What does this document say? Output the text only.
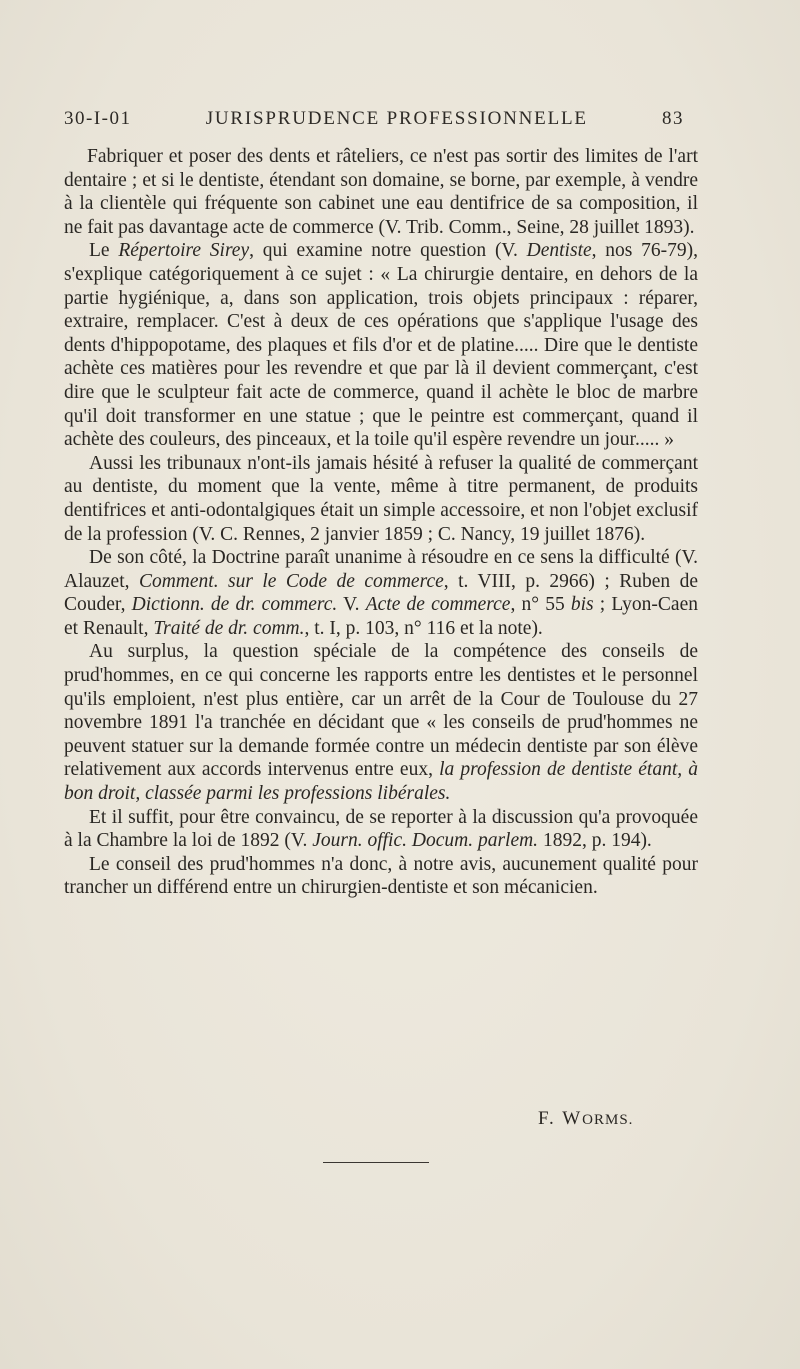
30-I-01	JURISPRUDENCE PROFESSIONNELLE	83

Fabriquer et poser des dents et râteliers, ce n'est pas sortir des limites de l'art dentaire ; et si le dentiste, étendant son domaine, se borne, par exemple, à vendre à la clientèle qui fréquente son cabinet une eau dentifrice de sa composition, il ne fait pas davantage acte de commerce (V. Trib. Comm., Seine, 28 juillet 1893).

Le Répertoire Sirey, qui examine notre question (V. Dentiste, nos 76-79), s'explique catégoriquement à ce sujet : « La chirurgie dentaire, en dehors de la partie hygiénique, a, dans son application, trois objets principaux : réparer, extraire, remplacer. C'est à deux de ces opérations que s'applique l'usage des dents d'hippopotame, des plaques et fils d'or et de platine..... Dire que le dentiste achète ces matières pour les revendre et que par là il devient commerçant, c'est dire que le sculpteur fait acte de commerce, quand il achète le bloc de marbre qu'il doit transformer en une statue ; que le peintre est commerçant, quand il achète des couleurs, des pinceaux, et la toile qu'il espère revendre un jour..... »

Aussi les tribunaux n'ont-ils jamais hésité à refuser la qualité de commerçant au dentiste, du moment que la vente, même à titre permanent, de produits dentifrices et anti-odontalgiques était un simple accessoire, et non l'objet exclusif de la profession (V. C. Rennes, 2 janvier 1859 ; C. Nancy, 19 juillet 1876).

De son côté, la Doctrine paraît unanime à résoudre en ce sens la difficulté (V. Alauzet, Comment. sur le Code de commerce, t. VIII, p. 2966) ; Ruben de Couder, Dictionn. de dr. commerc. V. Acte de commerce, n° 55 bis ; Lyon-Caen et Renault, Traité de dr. comm., t. I, p. 103, n° 116 et la note).

Au surplus, la question spéciale de la compétence des conseils de prud'hommes, en ce qui concerne les rapports entre les dentistes et le personnel qu'ils emploient, n'est plus entière, car un arrêt de la Cour de Toulouse du 27 novembre 1891 l'a tranchée en décidant que « les conseils de prud'hommes ne peuvent statuer sur la demande formée contre un médecin dentiste par son élève relativement aux accords intervenus entre eux, la profession de dentiste étant, à bon droit, classée parmi les professions libérales.

Et il suffit, pour être convaincu, de se reporter à la discussion qu'a provoquée à la Chambre la loi de 1892 (V. Journ. offic. Docum. parlem. 1892, p. 194).

Le conseil des prud'hommes n'a donc, à notre avis, aucunement qualité pour trancher un différend entre un chirurgien-dentiste et son mécanicien.

F. WORMS.
